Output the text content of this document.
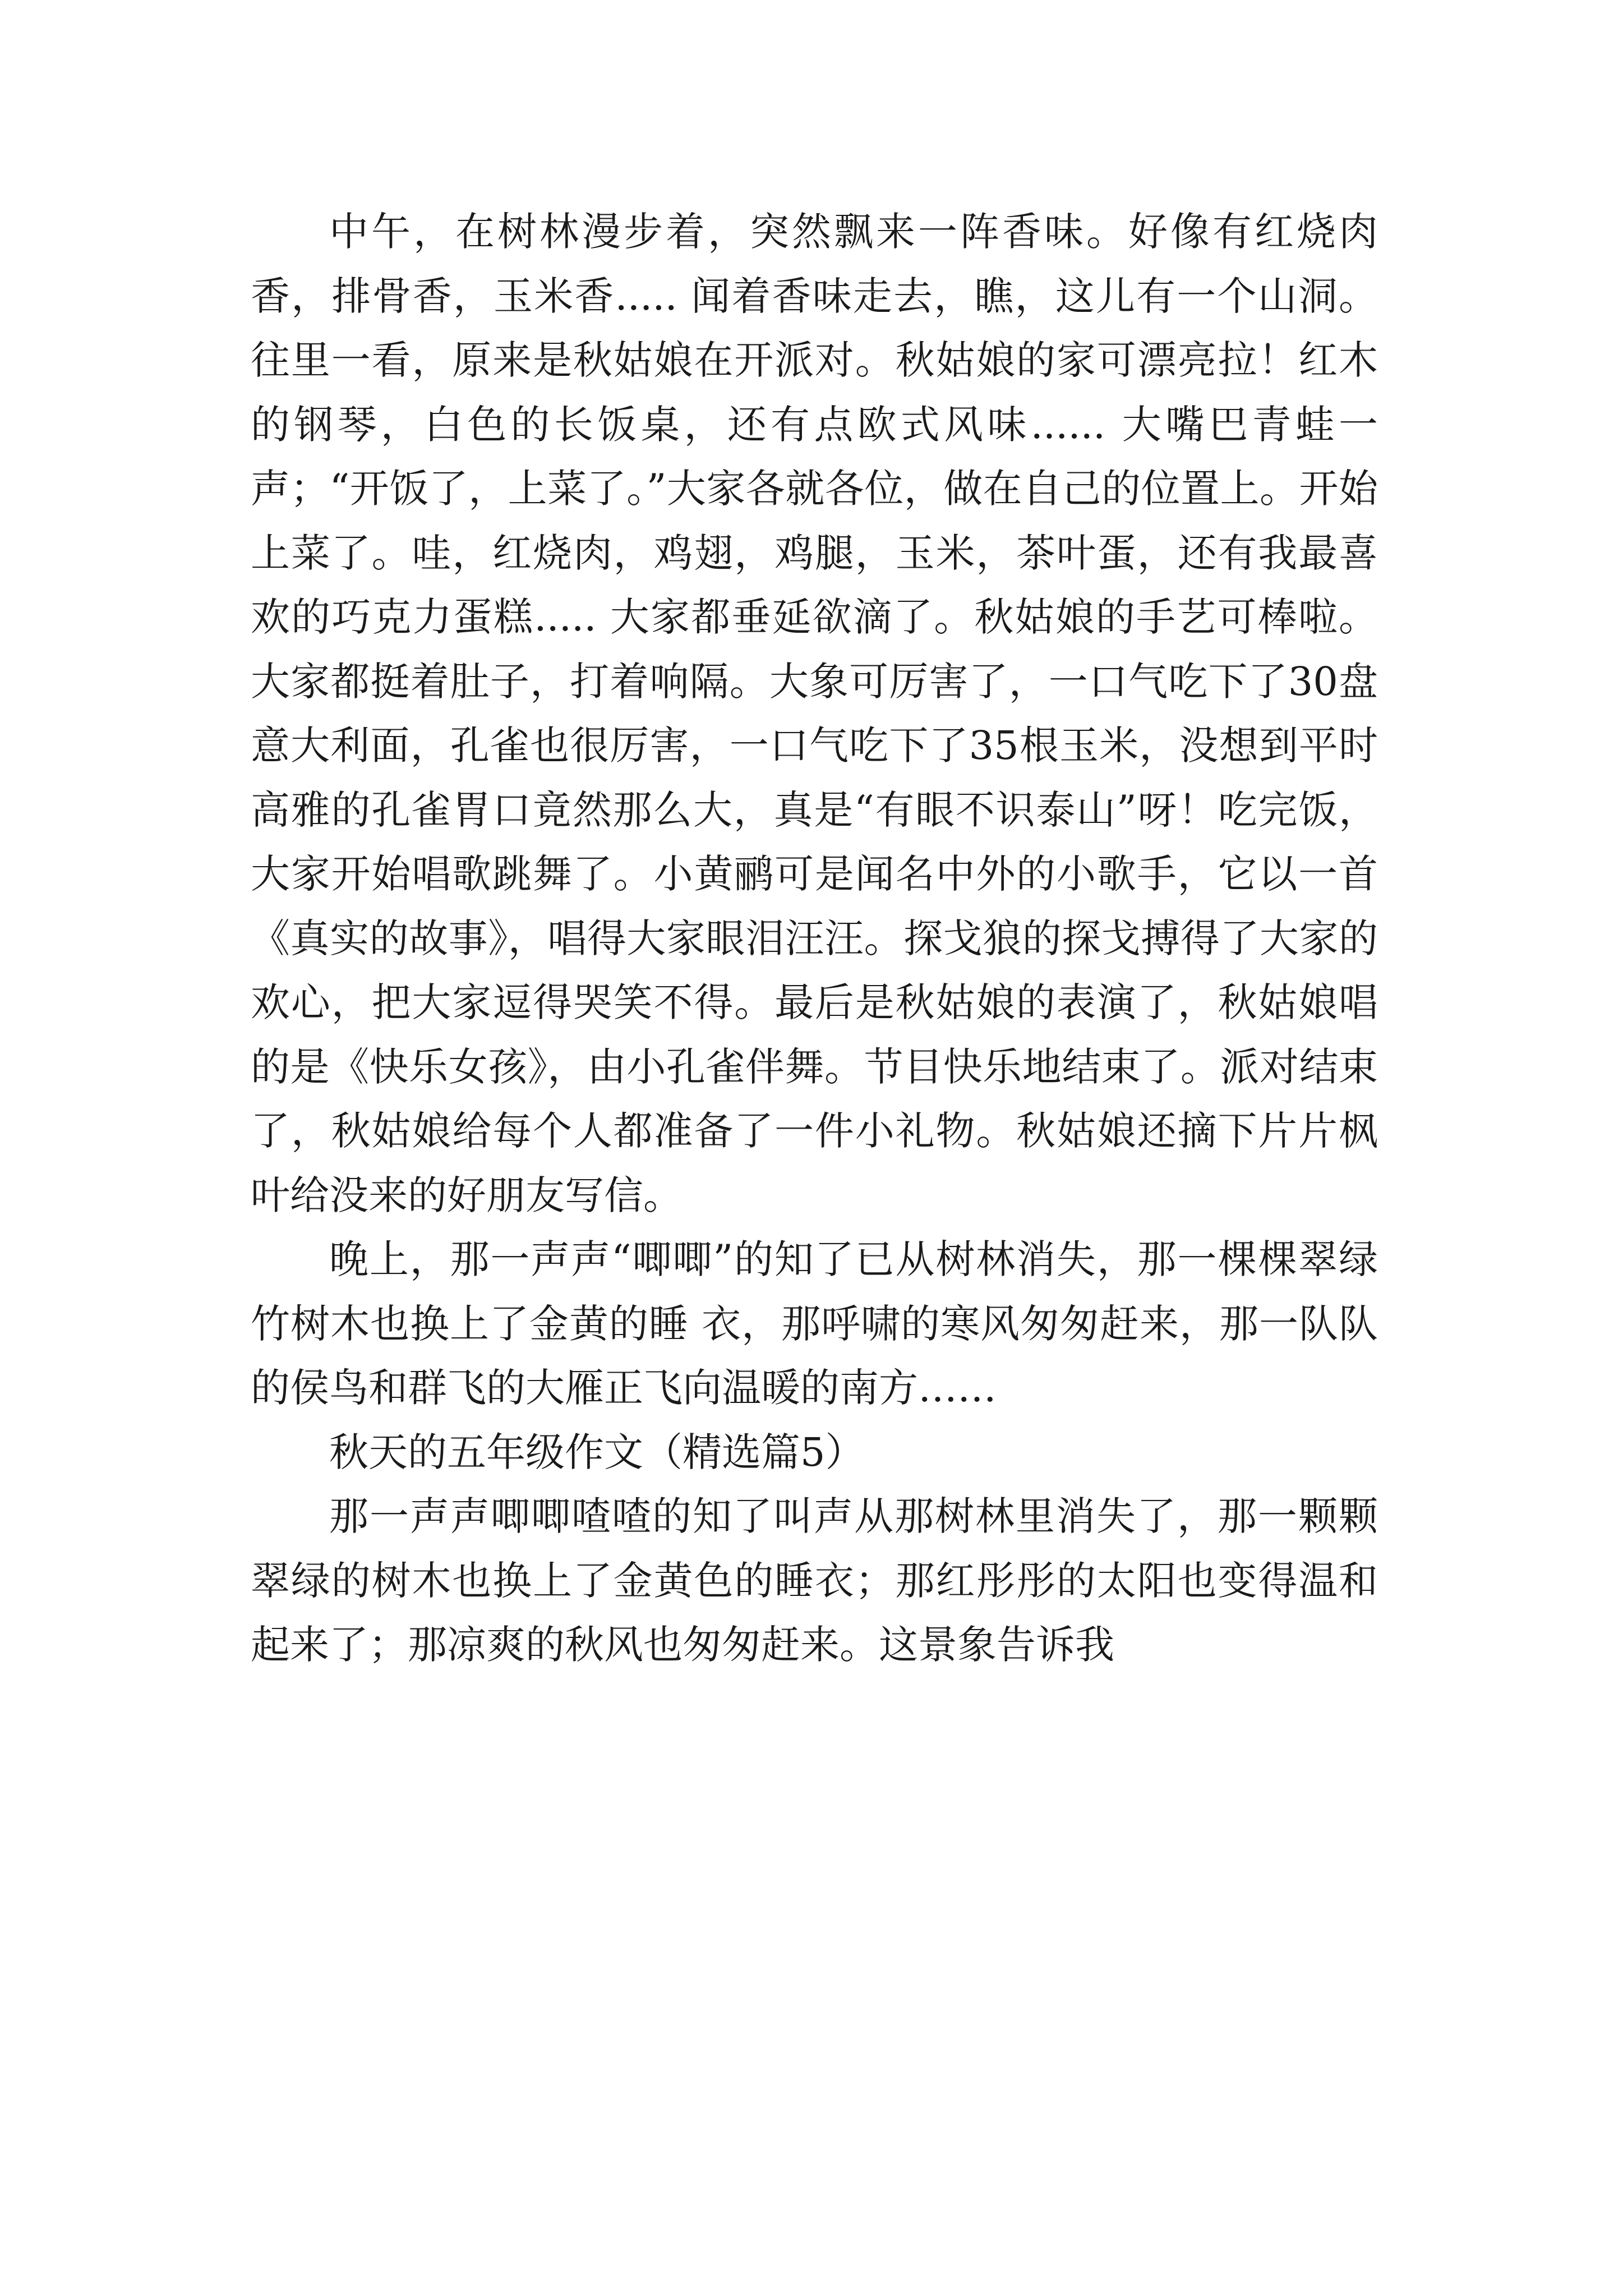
中午，在树林漫步着，突然飘来一阵香味。好像有红烧肉香，排骨香，玉米香..... 闻着香味走去，瞧，这儿有一个山洞。往里一看，原来是秋姑娘在开派对。秋姑娘的家可漂亮拉！红木的钢琴，白色的长饭桌，还有点欧式风味...... 大嘴巴青蛙一声；“开饭了，上菜了。”大家各就各位，做在自己的位置上。开始上菜了。哇，红烧肉，鸡翅，鸡腿，玉米，茶叶蛋，还有我最喜欢的巧克力蛋糕..... 大家都垂延欲滴了。秋姑娘的手艺可棒啦。大家都挺着肚子，打着响隔。大象可厉害了，一口气吃下了30盘意大利面，孔雀也很厉害，一口气吃下了35根玉米，没想到平时高雅的孔雀胃口竟然那么大，真是“有眼不识泰山”呀！吃完饭，大家开始唱歌跳舞了。小黄鹂可是闻名中外的小歌手，它以一首《真实的故事》，唱得大家眼泪汪汪。探戈狼的探戈搏得了大家的欢心，把大家逗得哭笑不得。最后是秋姑娘的表演了，秋姑娘唱的是《快乐女孩》，由小孔雀伴舞。节目快乐地结束了。派对结束了，秋姑娘给每个人都准备了一件小礼物。秋姑娘还摘下片片枫叶给没来的好朋友写信。

晚上，那一声声“唧唧”的知了已从树林消失，那一棵棵翠绿竹树木也换上了金黄的睡 衣，那呼啸的寒风匆匆赶来，那一队队的侯鸟和群飞的大雁正飞向温暖的南方……

秋天的五年级作文（精选篇5）

那一声声唧唧喳喳的知了叫声从那树林里消失了，那一颗颗翠绿的树木也换上了金黄色的睡衣；那红彤彤的太阳也变得温和起来了；那凉爽的秋风也匆匆赶来。这景象告诉我
